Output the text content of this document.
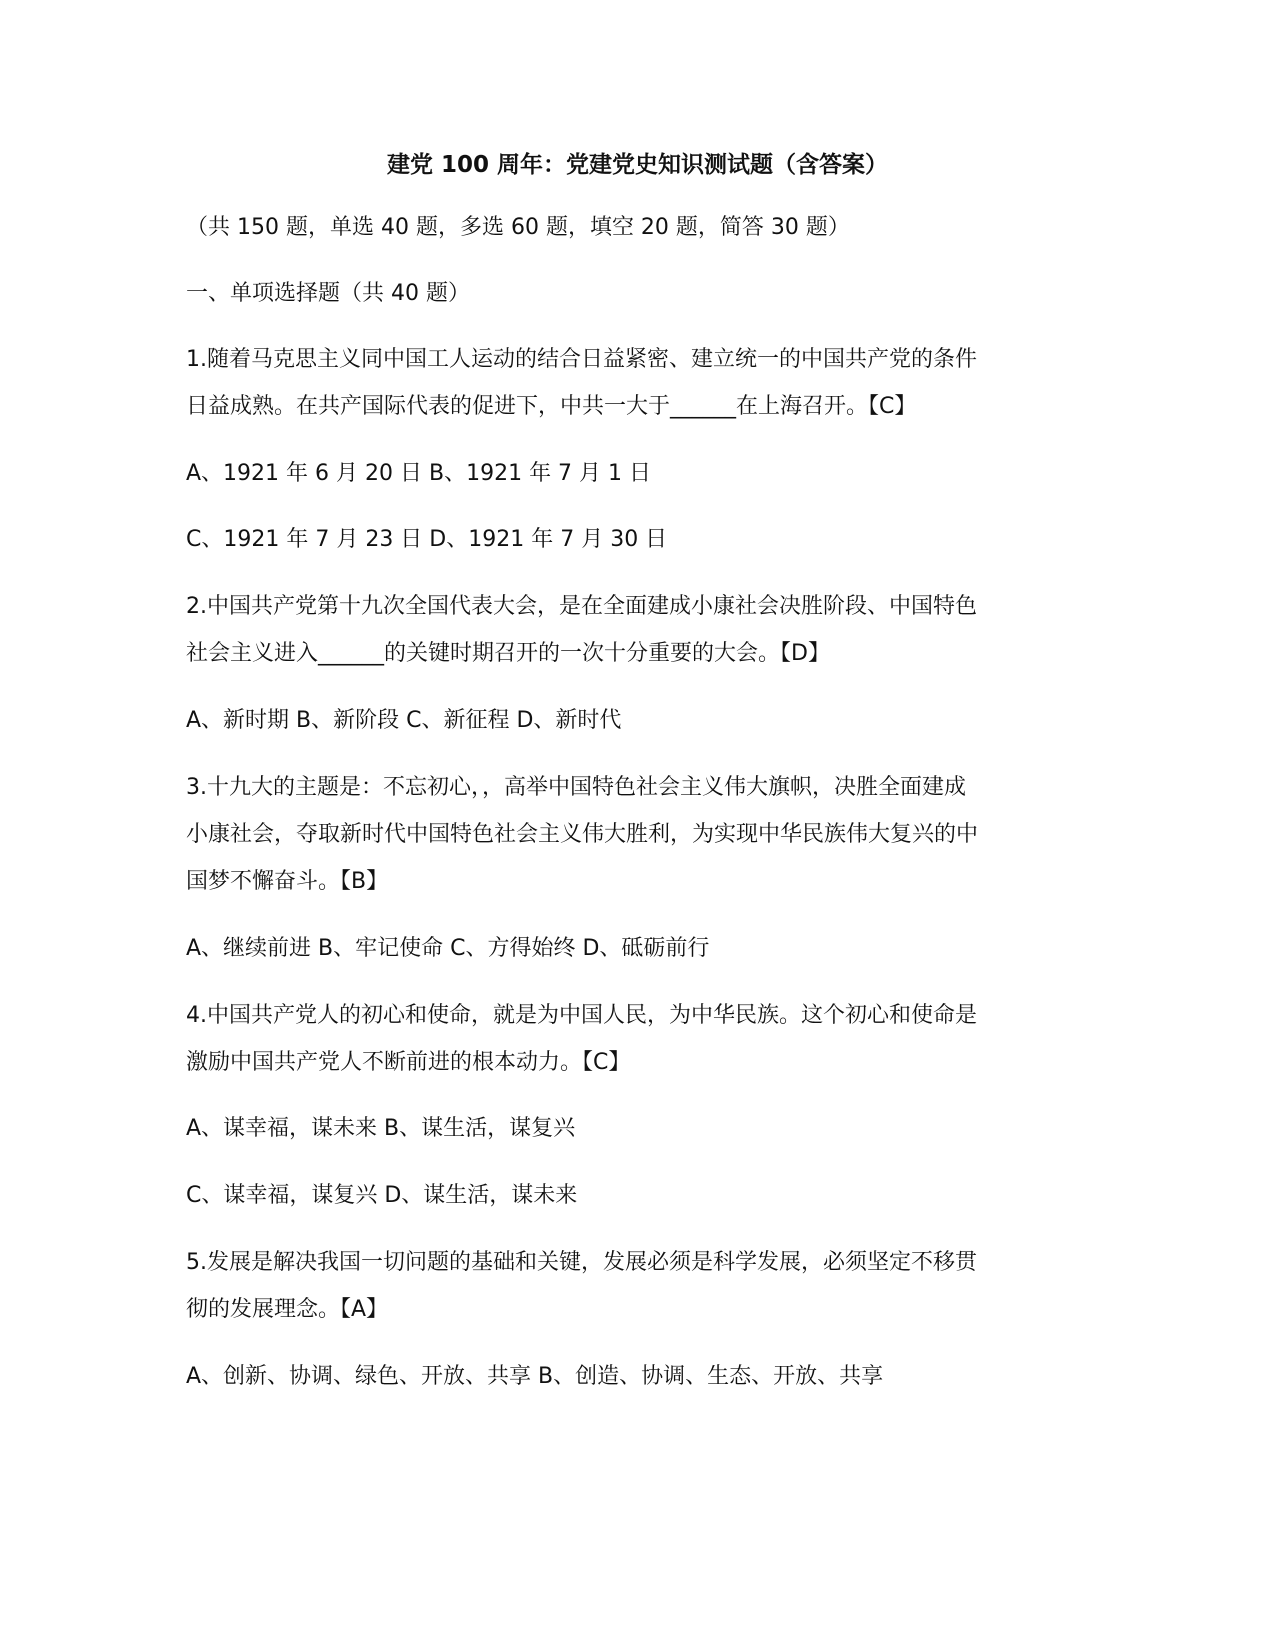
建党 100 周年：党建党史知识测试题（含答案）
（共 150 题，单选 40 题，多选 60 题，填空 20 题，简答 30 题）
一、单项选择题（共 40 题）
1.随着马克思主义同中国工人运动的结合日益紧密、建立统一的中国共产党的条件
日益成熟。在共产国际代表的促进下，中共一大于______在上海召开。【C】
A、1921 年 6 月 20 日 B、1921 年 7 月 1 日
C、1921 年 7 月 23 日 D、1921 年 7 月 30 日
2.中国共产党第十九次全国代表大会，是在全面建成小康社会决胜阶段、中国特色
社会主义进入______的关键时期召开的一次十分重要的大会。【D】
A、新时期 B、新阶段 C、新征程 D、新时代
3.十九大的主题是：不忘初心，，高举中国特色社会主义伟大旗帜，决胜全面建成
小康社会，夺取新时代中国特色社会主义伟大胜利，为实现中华民族伟大复兴的中
国梦不懈奋斗。【B】
A、继续前进 B、牢记使命 C、方得始终 D、砥砺前行
4.中国共产党人的初心和使命，就是为中国人民，为中华民族。这个初心和使命是
激励中国共产党人不断前进的根本动力。【C】
A、谋幸福，谋未来 B、谋生活，谋复兴
C、谋幸福，谋复兴 D、谋生活，谋未来
5.发展是解决我国一切问题的基础和关键，发展必须是科学发展，必须坚定不移贯
彻的发展理念。【A】
A、创新、协调、绿色、开放、共享 B、创造、协调、生态、开放、共享
